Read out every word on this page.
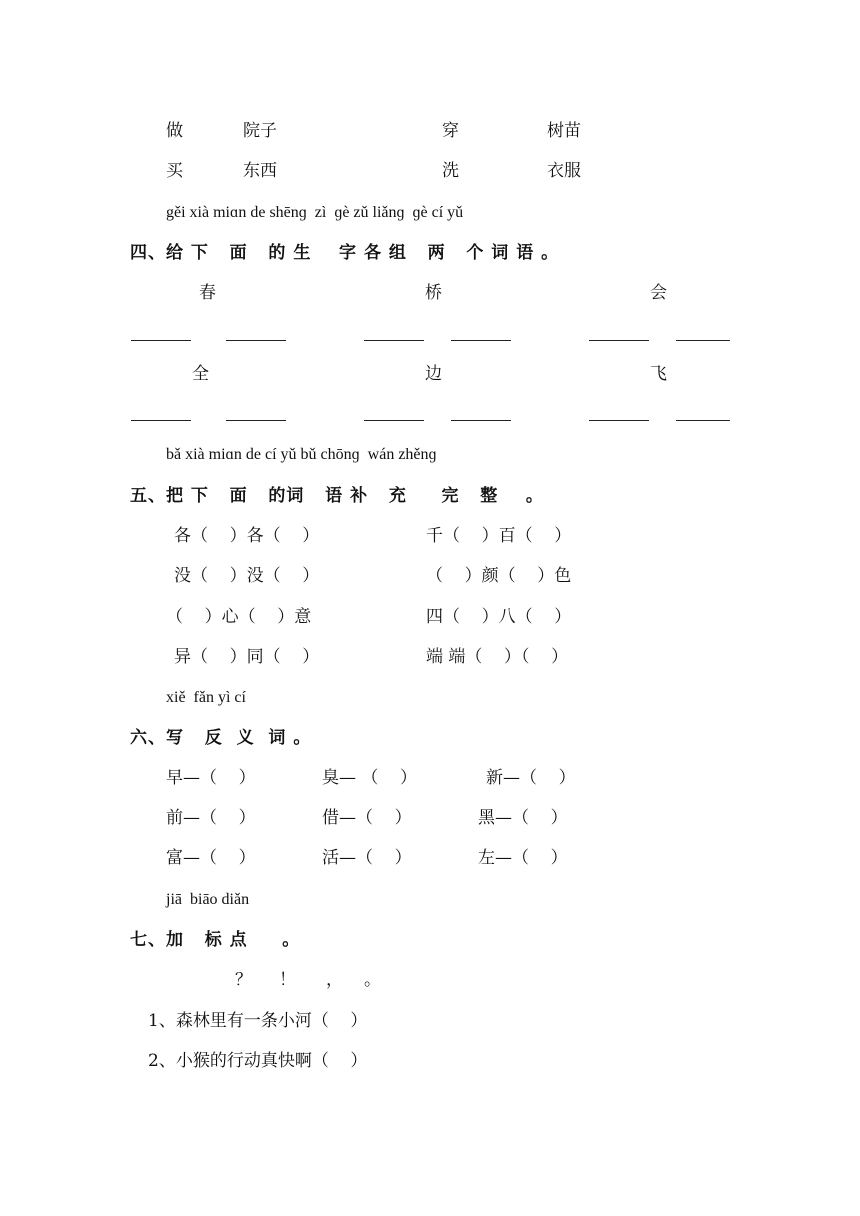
做	院子	穿	树苗
买	东西	洗	衣服
gěi xià miɑn de shēnɡ  zì  ɡè zǔ liǎnɡ  ɡè cí yǔ
四、给 下   面   的 生    字 各 组   两   个 词 语 。
春	桥	会
全	边	飞
bǎ xià miɑn de cí yǔ bǔ chōnɡ  wán zhěnɡ
五、把 下   面   的词   语 补   充     完   整    。
各（    ）各（    ）	千（    ）百（    ）
没（    ）没（    ）	（    ）颜（    ）色
（    ）心（    ）意	四（    ）八（    ）
异（    ）同（    ）	端 端（    ）（    ）
xiě  fǎn yì cí
六、写   反  义  词 。
早—（    ）	臭— （    ）	新—（    ）
前—（    ）	借—（    ）	黑—（    ）
富—（    ）	活—（    ）	左—（    ）
jiā  biāo diǎn
七、加   标 点     。
？ ！ ， 。
1、森林里有一条小河（    ）
2、小猴的行动真快啊（    ）
